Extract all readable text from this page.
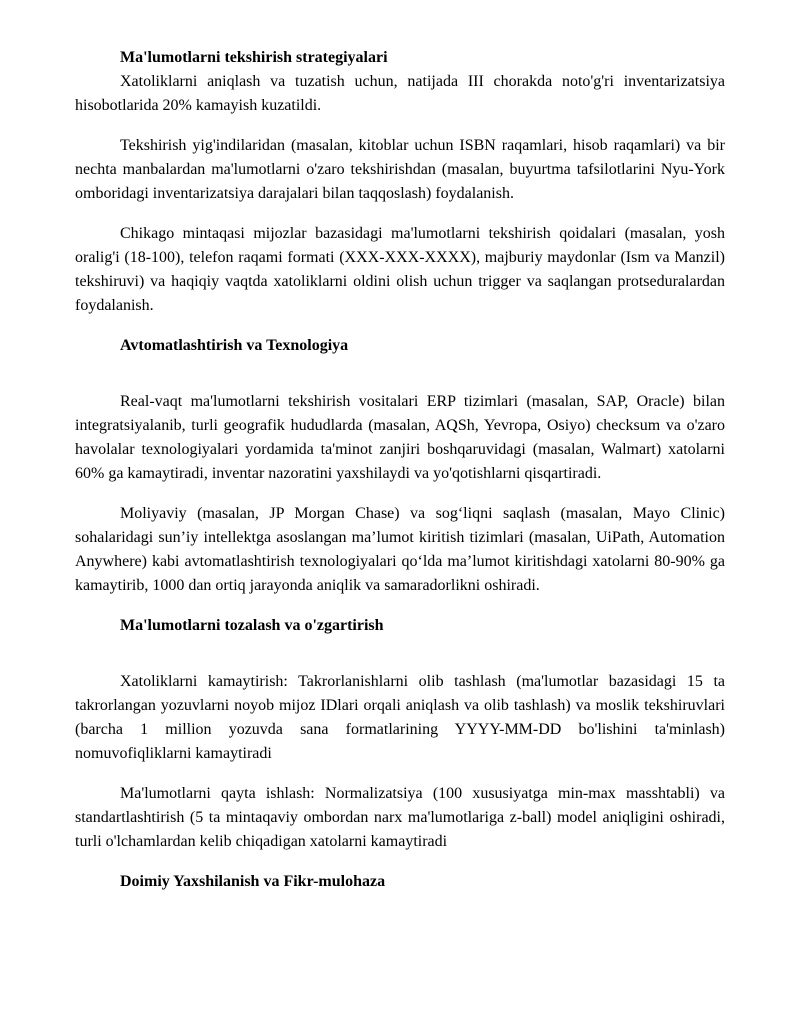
Ma'lumotlarni tekshirish strategiyalari

Xatoliklarni aniqlash va tuzatish uchun, natijada III chorakda noto'g'ri inventarizatsiya hisobotlarida 20% kamayish kuzatildi.

Tekshirish yig'indilaridan (masalan, kitoblar uchun ISBN raqamlari, hisob raqamlari) va bir nechta manbalardan ma'lumotlarni o'zaro tekshirishdan (masalan, buyurtma tafsilotlarini Nyu-York omboridagi inventarizatsiya darajalari bilan taqqoslash) foydalanish.

Chikago mintaqasi mijozlar bazasidagi ma'lumotlarni tekshirish qoidalari (masalan, yosh oralig'i (18-100), telefon raqami formati (XXX-XXX-XXXX), majburiy maydonlar (Ism va Manzil) tekshiruvi) va haqiqiy vaqtda xatoliklarni oldini olish uchun trigger va saqlangan protseduralardan foydalanish.

Avtomatlashtirish va Texnologiya

Real-vaqt ma'lumotlarni tekshirish vositalari ERP tizimlari (masalan, SAP, Oracle) bilan integratsiyalanib, turli geografik hududlarda (masalan, AQSh, Yevropa, Osiyo) checksum va o'zaro havolalar texnologiyalari yordamida ta'minot zanjiri boshqaruvidagi (masalan, Walmart) xatolarni 60% ga kamaytiradi, inventar nazoratini yaxshilaydi va yo'qotishlarni qisqartiradi.

Moliyaviy (masalan, JP Morgan Chase) va sog‘liqni saqlash (masalan, Mayo Clinic) sohalaridagi sun’iy intellektga asoslangan ma’lumot kiritish tizimlari (masalan, UiPath, Automation Anywhere) kabi avtomatlashtirish texnologiyalari qo‘lda ma’lumot kiritishdagi xatolarni 80-90% ga kamaytirib, 1000 dan ortiq jarayonda aniqlik va samaradorlikni oshiradi.

Ma'lumotlarni tozalash va o'zgartirish

Xatoliklarni kamaytirish: Takrorlanishlarni olib tashlash (ma'lumotlar bazasidagi 15 ta takrorlangan yozuvlarni noyob mijoz IDlari orqali aniqlash va olib tashlash) va moslik tekshiruvlari (barcha 1 million yozuvda sana formatlarining YYYY-MM-DD bo'lishini ta'minlash) nomuvofiqliklarni kamaytiradi

Ma'lumotlarni qayta ishlash: Normalizatsiya (100 xususiyatga min-max masshtabli) va standartlashtirish (5 ta mintaqaviy ombordan narx ma'lumotlariga z-ball) model aniqligini oshiradi, turli o'lchamlardan kelib chiqadigan xatolarni kamaytiradi

Doimiy Yaxshilanish va Fikr-mulohaza
